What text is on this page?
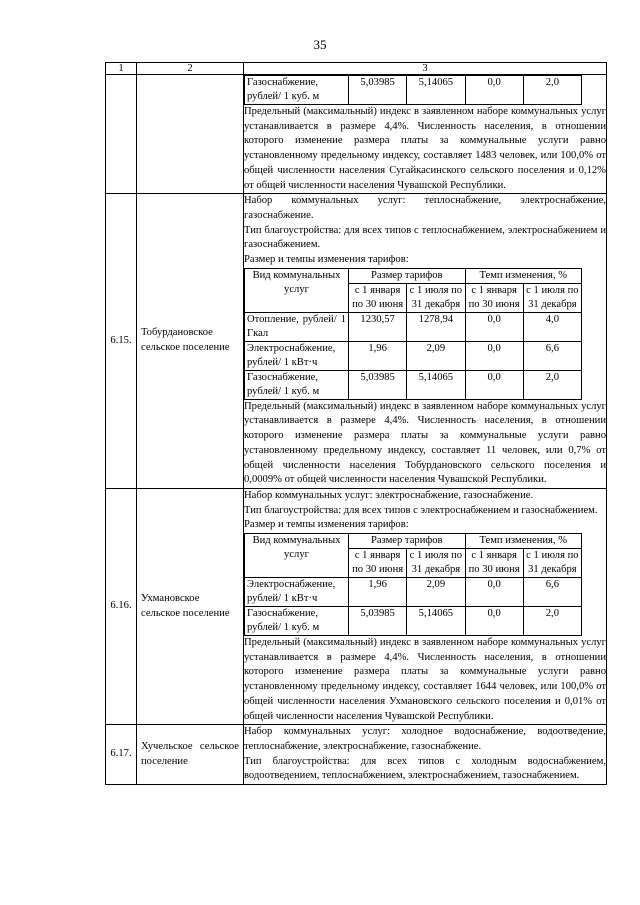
35
1	2	3

Газоснабжение, рублей/ 1 куб. м	5,03985	5,14065	0,0	2,0

Предельный (максимальный) индекс в заявленном наборе коммунальных услуг устанавливается в размере 4,4%. Численность населения, в отношении которого изменение размера платы за коммунальные услуги равно установленному предельному индексу, составляет 1483 человек, или 100,0% от общей численности населения Сугайкасинского сельского поселения и 0,12% от общей численности населения Чувашской Республики.

6.15.	Тобурдановское сельское поселение	

Набор коммунальных услуг: теплоснабжение, электроснабжение, газоснабжение.

Тип благоустройства: для всех типов с теплоснабжением, электроснабжением и газоснабжением.

Размер и темпы изменения тарифов:

Вид коммунальных услуг	Размер тарифов	Темп изменения, %
с 1 января по 30 июня	с 1 июля по 31 декабря	с 1 января по 30 июня	с 1 июля по 31 декабря
Отопление, рублей/ 1 Гкал	1230,57	1278,94	0,0	4,0
Электроснабжение, рублей/ 1 кВт·ч	1,96	2,09	0,0	6,6
Газоснабжение, рублей/ 1 куб. м	5,03985	5,14065	0,0	2,0

Предельный (максимальный) индекс в заявленном наборе коммунальных услуг устанавливается в размере 4,4%. Численность населения, в отношении которого изменение размера платы за коммунальные услуги равно установленному предельному индексу, составляет 11 человек, или 0,7% от общей численности населения Тобурдановского сельского поселения и 0,0009% от общей численности населения Чувашской Республики.

6.16.	Ухмановское сельское поселение	

Набор коммунальных услуг: электроснабжение, газоснабжение.

Тип благоустройства: для всех типов с электроснабжением и газоснабжением.

Размер и темпы изменения тарифов:

Вид коммунальных услуг	Размер тарифов	Темп изменения, %
с 1 января по 30 июня	с 1 июля по 31 декабря	с 1 января по 30 июня	с 1 июля по 31 декабря
Электроснабжение, рублей/ 1 кВт·ч	1,96	2,09	0,0	6,6
Газоснабжение, рублей/ 1 куб. м	5,03985	5,14065	0,0	2,0

Предельный (максимальный) индекс в заявленном наборе коммунальных услуг устанавливается в размере 4,4%. Численность населения, в отношении которого изменение размера платы за коммунальные услуги равно установленному предельному индексу, составляет 1644 человек, или 100,0% от общей численности населения Ухмановского сельского поселения и 0,01% от общей численности населения Чувашской Республики.

6.17.	Хучельское сельское поселение	

Набор коммунальных услуг: холодное водоснабжение, водоотведение, теплоснабжение, электроснабжение, газоснабжение.

Тип благоустройства: для всех типов с холодным водоснабжением, водоотведением, теплоснабжением, электроснабжением, газоснабжением.
